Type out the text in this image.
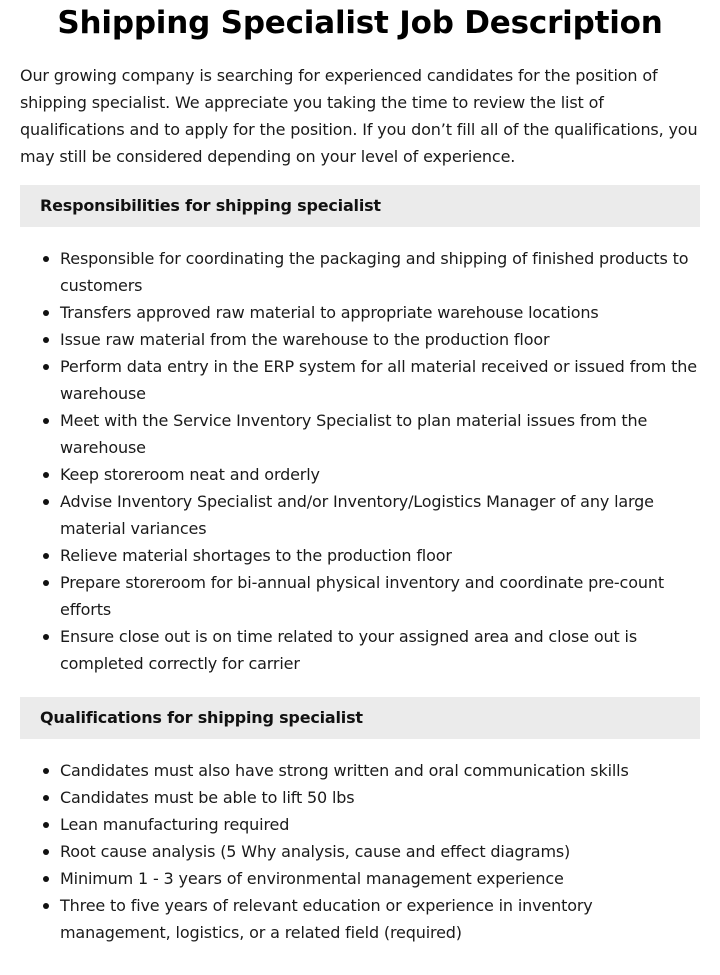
Shipping Specialist Job Description

Our growing company is searching for experienced candidates for the position of shipping specialist. We appreciate you taking the time to review the list of qualifications and to apply for the position. If you don’t fill all of the qualifications, you may still be considered depending on your level of experience.

Responsibilities for shipping specialist
Responsible for coordinating the packaging and shipping of finished products to customers
Transfers approved raw material to appropriate warehouse locations
Issue raw material from the warehouse to the production floor
Perform data entry in the ERP system for all material received or issued from the warehouse
Meet with the Service Inventory Specialist to plan material issues from the warehouse
Keep storeroom neat and orderly
Advise Inventory Specialist and/or Inventory/Logistics Manager of any large material variances
Relieve material shortages to the production floor
Prepare storeroom for bi-annual physical inventory and coordinate pre-count efforts
Ensure close out is on time related to your assigned area and close out is completed correctly for carrier
Qualifications for shipping specialist
Candidates must also have strong written and oral communication skills
Candidates must be able to lift 50 lbs
Lean manufacturing required
Root cause analysis (5 Why analysis, cause and effect diagrams)
Minimum 1 - 3 years of environmental management experience
Three to five years of relevant education or experience in inventory management, logistics, or a related field (required)
